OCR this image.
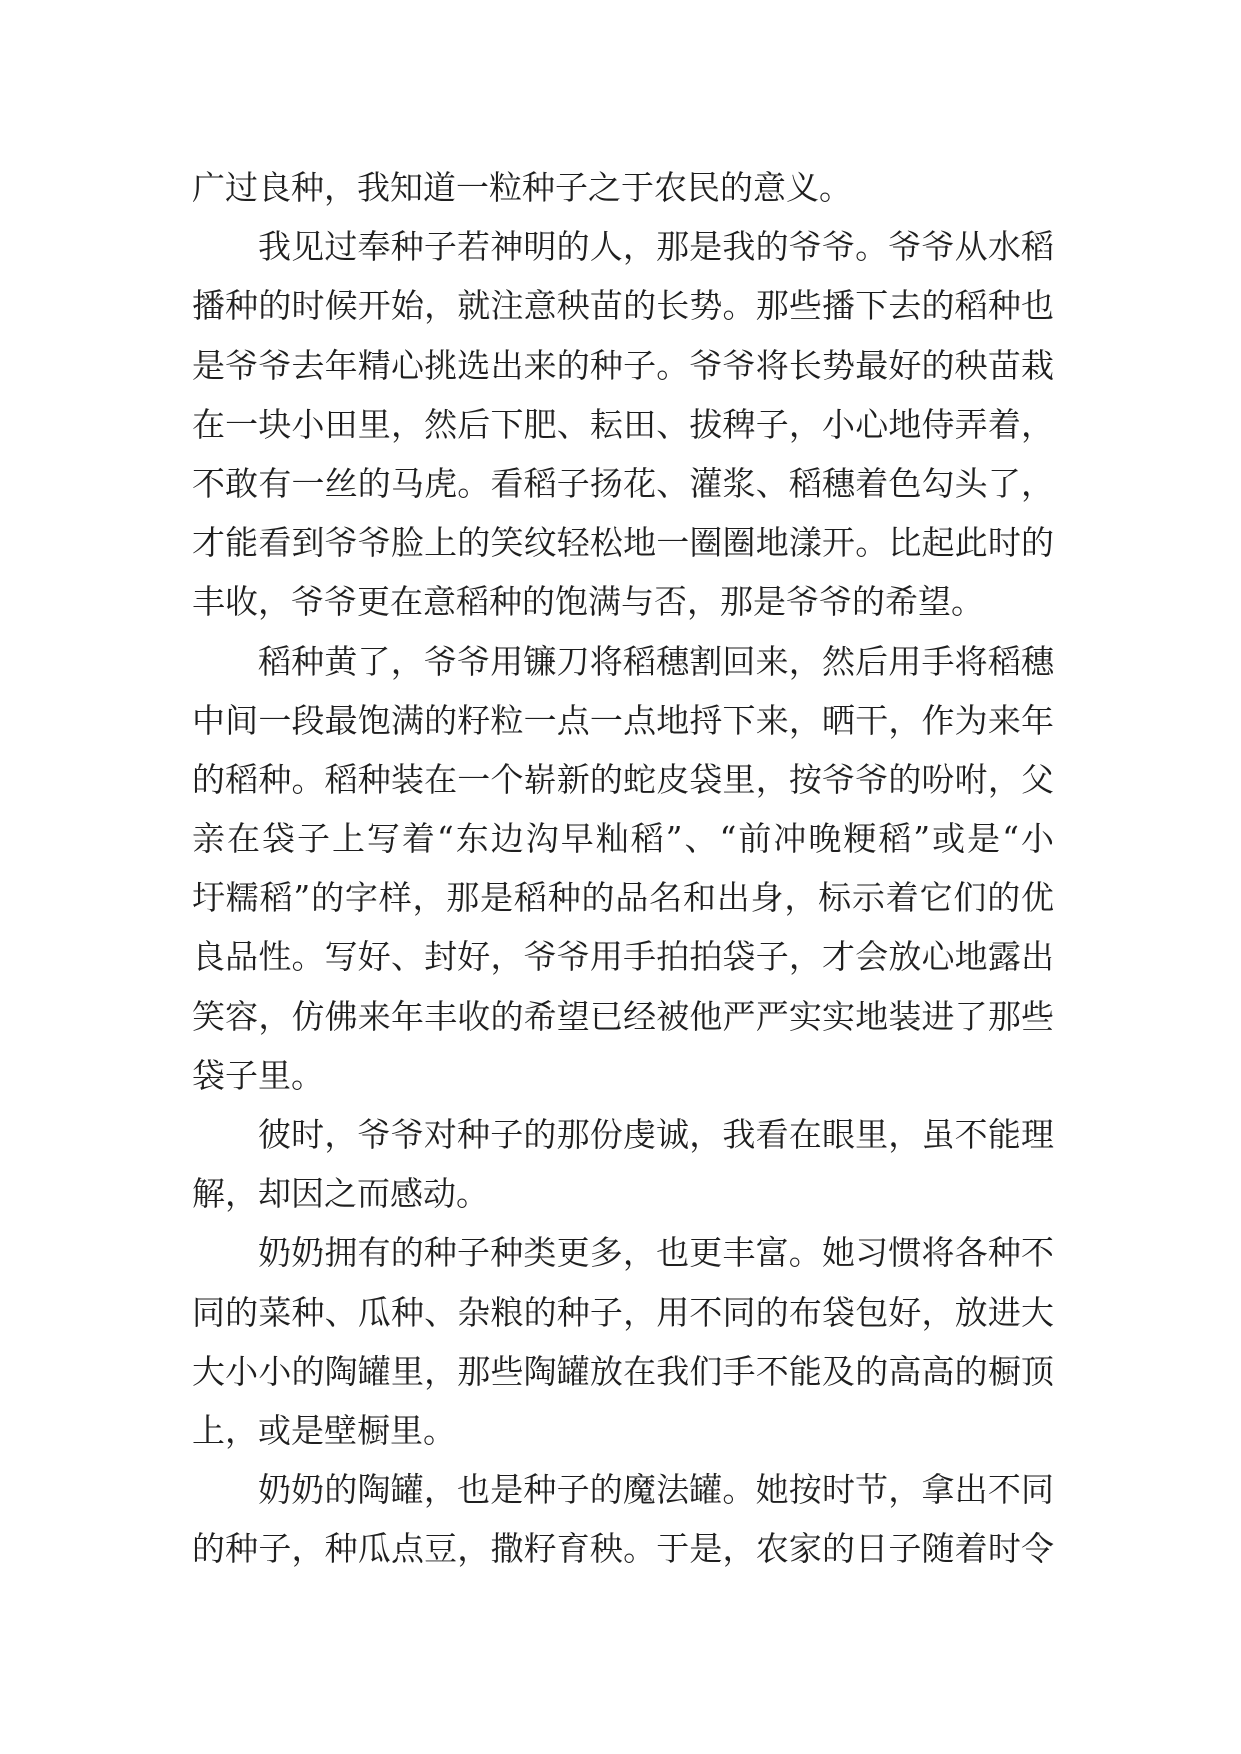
广过良种，我知道一粒种子之于农民的意义。
我见过奉种子若神明的人，那是我的爷爷。爷爷从水稻
播种的时候开始，就注意秧苗的长势。那些播下去的稻种也
是爷爷去年精心挑选出来的种子。爷爷将长势最好的秧苗栽
在一块小田里，然后下肥、耘田、拔稗子，小心地侍弄着，
不敢有一丝的马虎。看稻子扬花、灌浆、稻穗着色勾头了，
才能看到爷爷脸上的笑纹轻松地一圈圈地漾开。比起此时的
丰收，爷爷更在意稻种的饱满与否，那是爷爷的希望。
稻种黄了，爷爷用镰刀将稻穗割回来，然后用手将稻穗
中间一段最饱满的籽粒一点一点地捋下来，晒干，作为来年
的稻种。稻种装在一个崭新的蛇皮袋里，按爷爷的吩咐，父
亲在袋子上写着“东边沟早籼稻”、“前冲晚粳稻”或是“小
圩糯稻”的字样，那是稻种的品名和出身，标示着它们的优
良品性。写好、封好，爷爷用手拍拍袋子，才会放心地露出
笑容，仿佛来年丰收的希望已经被他严严实实地装进了那些
袋子里。
彼时，爷爷对种子的那份虔诚，我看在眼里，虽不能理
解，却因之而感动。
奶奶拥有的种子种类更多，也更丰富。她习惯将各种不
同的菜种、瓜种、杂粮的种子，用不同的布袋包好，放进大
大小小的陶罐里，那些陶罐放在我们手不能及的高高的橱顶
上，或是壁橱里。
奶奶的陶罐，也是种子的魔法罐。她按时节，拿出不同
的种子，种瓜点豆，撒籽育秧。于是，农家的日子随着时令
